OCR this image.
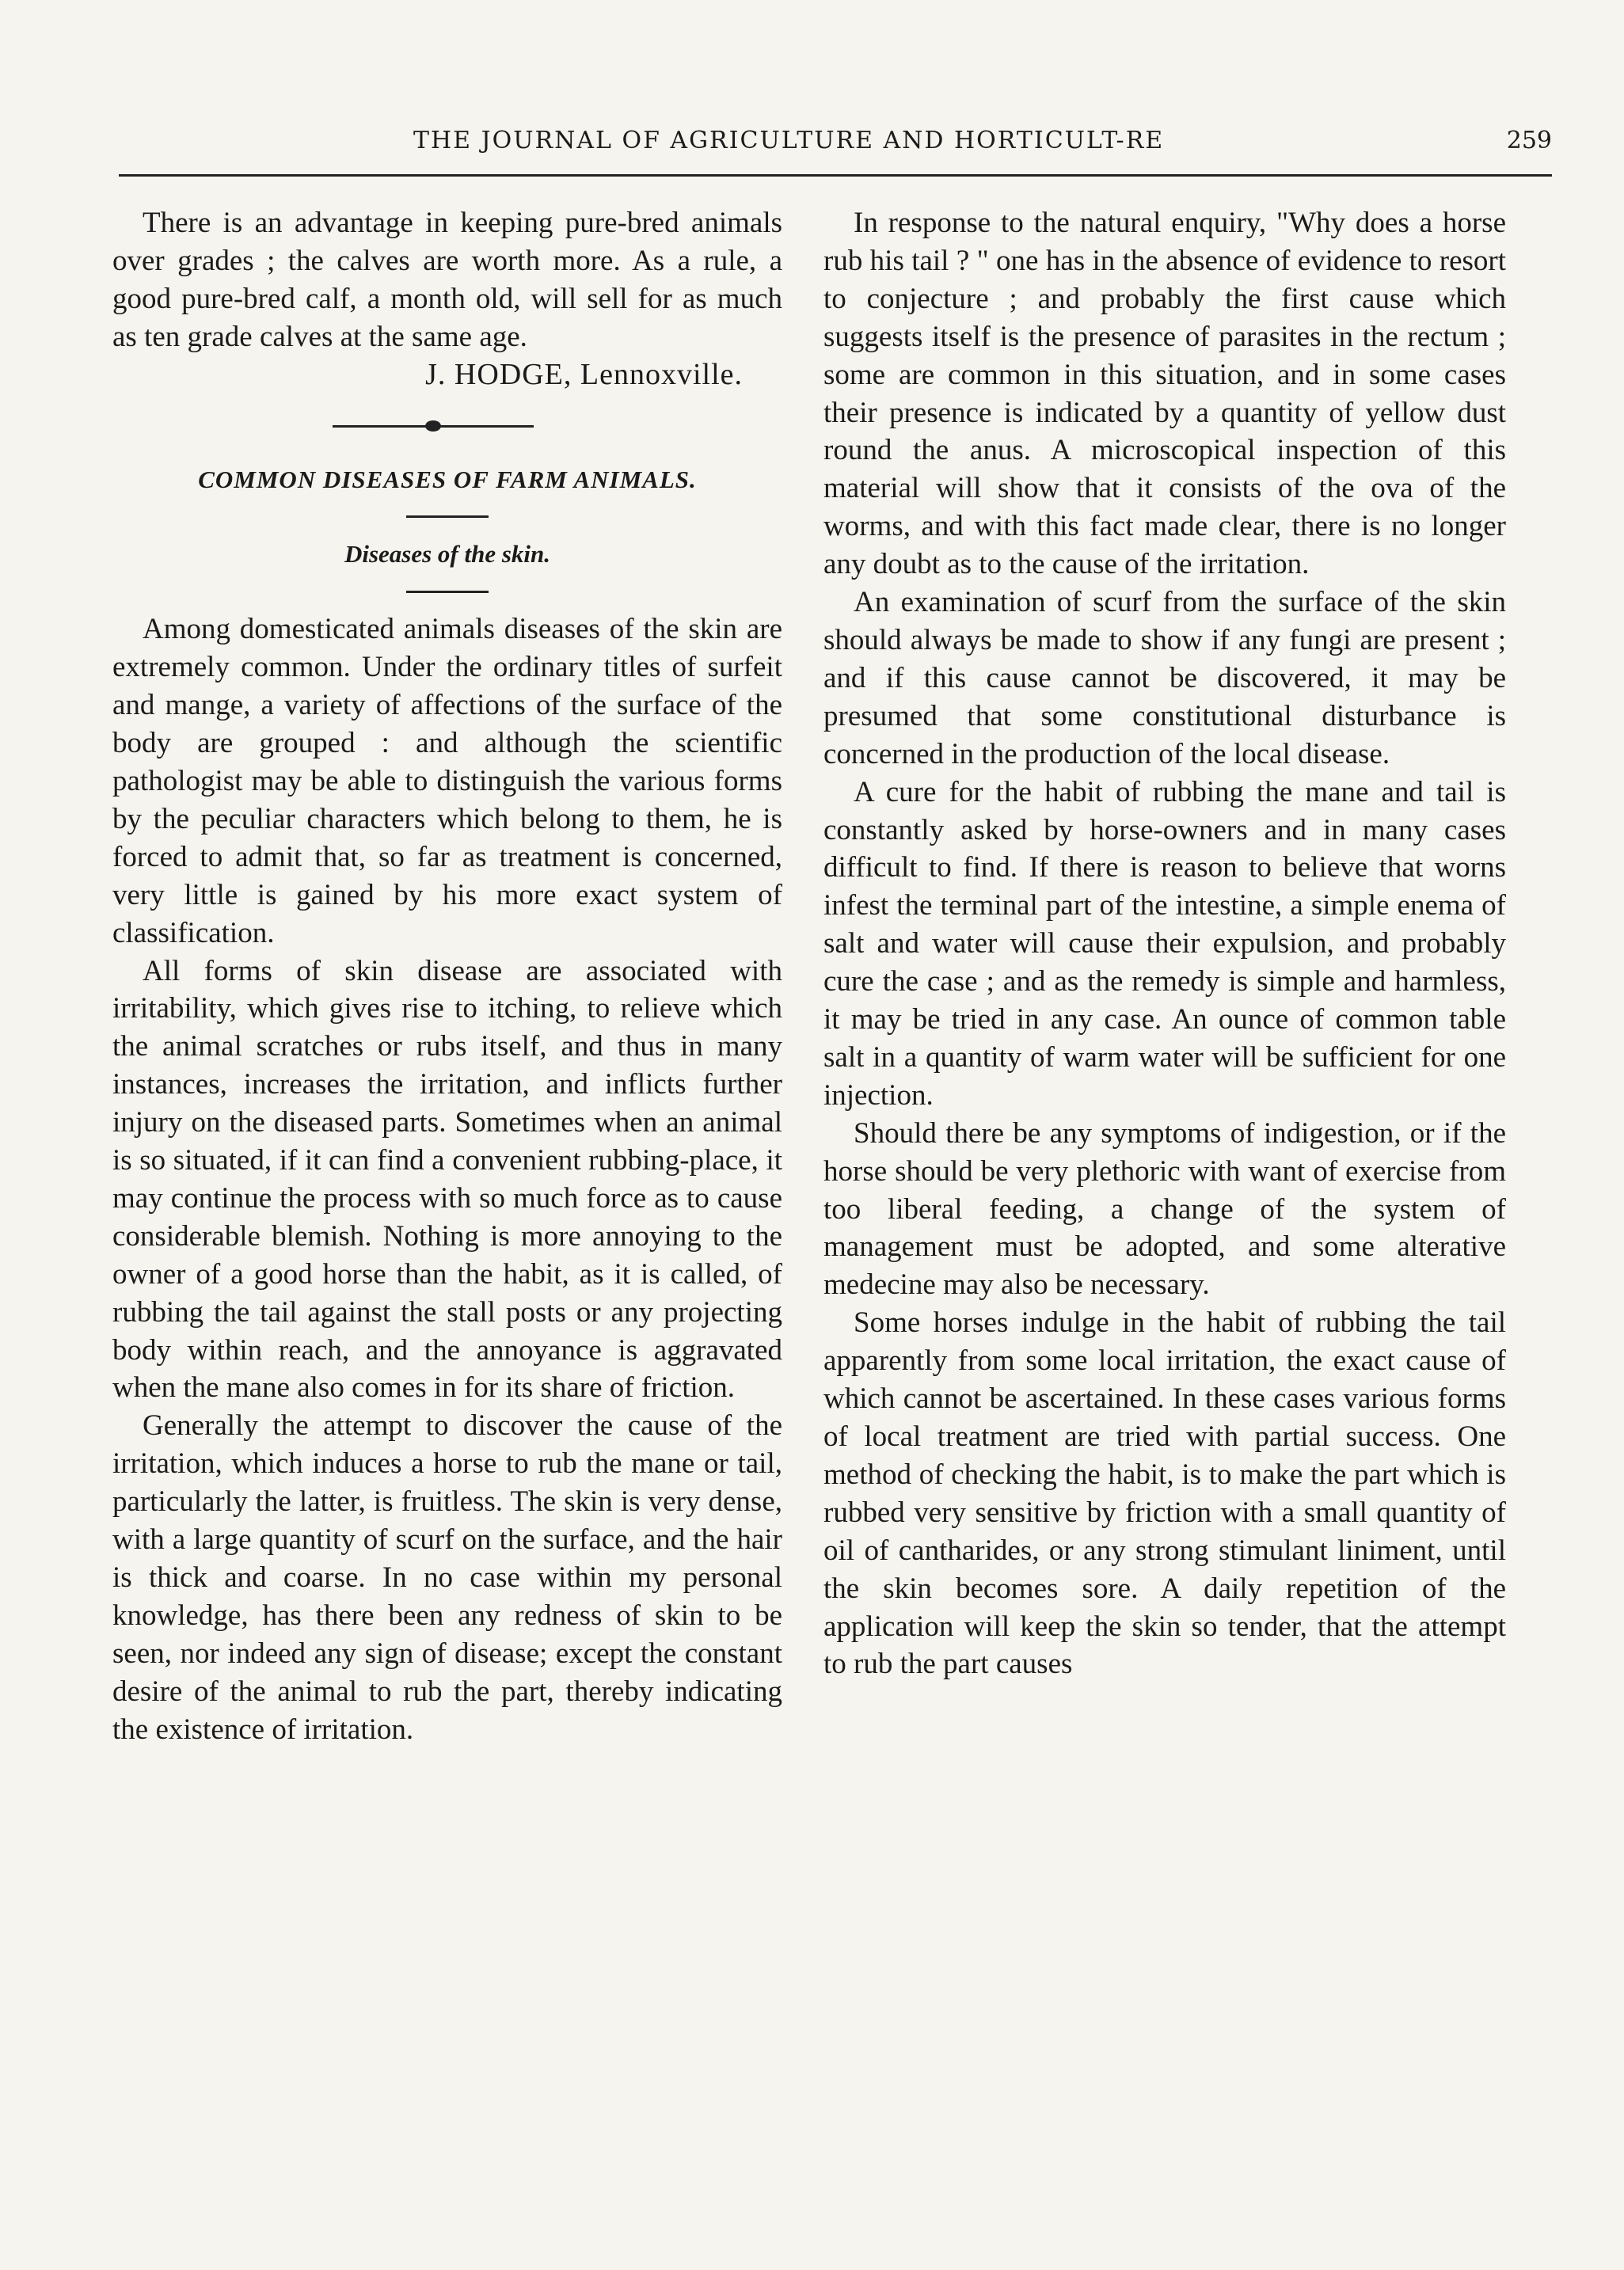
THE JOURNAL OF AGRICULTURE AND HORTICULT-RE	259

There is an advantage in keeping pure-bred animals over grades ; the calves are worth more. As a rule, a good pure-bred calf, a month old, will sell for as much as ten grade calves at the same age.

J. HODGE, Lennoxville.
COMMON DISEASES OF FARM ANIMALS.
Diseases of the skin.

Among domesticated animals diseases of the skin are extremely common. Under the ordinary titles of surfeit and mange, a variety of affections of the surface of the body are grouped : and although the scientific pathologist may be able to distinguish the various forms by the peculiar characters which belong to them, he is forced to admit that, so far as treatment is concerned, very little is gained by his more exact system of classification.

All forms of skin disease are associated with irritability, which gives rise to itching, to relieve which the animal scratches or rubs itself, and thus in many instances, increases the irritation, and inflicts further injury on the diseased parts. Sometimes when an animal is so situated, if it can find a convenient rubbing-place, it may continue the process with so much force as to cause considerable blemish. Nothing is more annoying to the owner of a good horse than the habit, as it is called, of rubbing the tail against the stall posts or any projecting body within reach, and the annoyance is aggravated when the mane also comes in for its share of friction.

Generally the attempt to discover the cause of the irritation, which induces a horse to rub the mane or tail, particularly the latter, is fruitless. The skin is very dense, with a large quantity of scurf on the surface, and the hair is thick and coarse. In no case within my personal knowledge, has there been any redness of skin to be seen, nor indeed any sign of disease; except the constant desire of the animal to rub the part, thereby indicating the existence of irritation.

In response to the natural enquiry, "Why does a horse rub his tail ? " one has in the absence of evidence to resort to conjecture ; and probably the first cause which suggests itself is the presence of parasites in the rectum ; some are common in this situation, and in some cases their presence is indicated by a quantity of yellow dust round the anus. A microscopical inspection of this material will show that it consists of the ova of the worms, and with this fact made clear, there is no longer any doubt as to the cause of the irritation.

An examination of scurf from the surface of the skin should always be made to show if any fungi are present ; and if this cause cannot be discovered, it may be presumed that some constitutional disturbance is concerned in the production of the local disease.

A cure for the habit of rubbing the mane and tail is constantly asked by horse-owners and in many cases difficult to find. If there is reason to believe that worns infest the terminal part of the intestine, a simple enema of salt and water will cause their expulsion, and probably cure the case ; and as the remedy is simple and harmless, it may be tried in any case. An ounce of common table salt in a quantity of warm water will be sufficient for one injection.

Should there be any symptoms of indigestion, or if the horse should be very plethoric with want of exercise from too liberal feeding, a change of the system of management must be adopted, and some alterative medecine may also be necessary.

Some horses indulge in the habit of rubbing the tail apparently from some local irritation, the exact cause of which cannot be ascertained. In these cases various forms of local treatment are tried with partial success. One method of checking the habit, is to make the part which is rubbed very sensitive by friction with a small quantity of oil of cantharides, or any strong stimulant liniment, until the skin becomes sore. A daily repetition of the application will keep the skin so tender, that the attempt to rub the part causes
